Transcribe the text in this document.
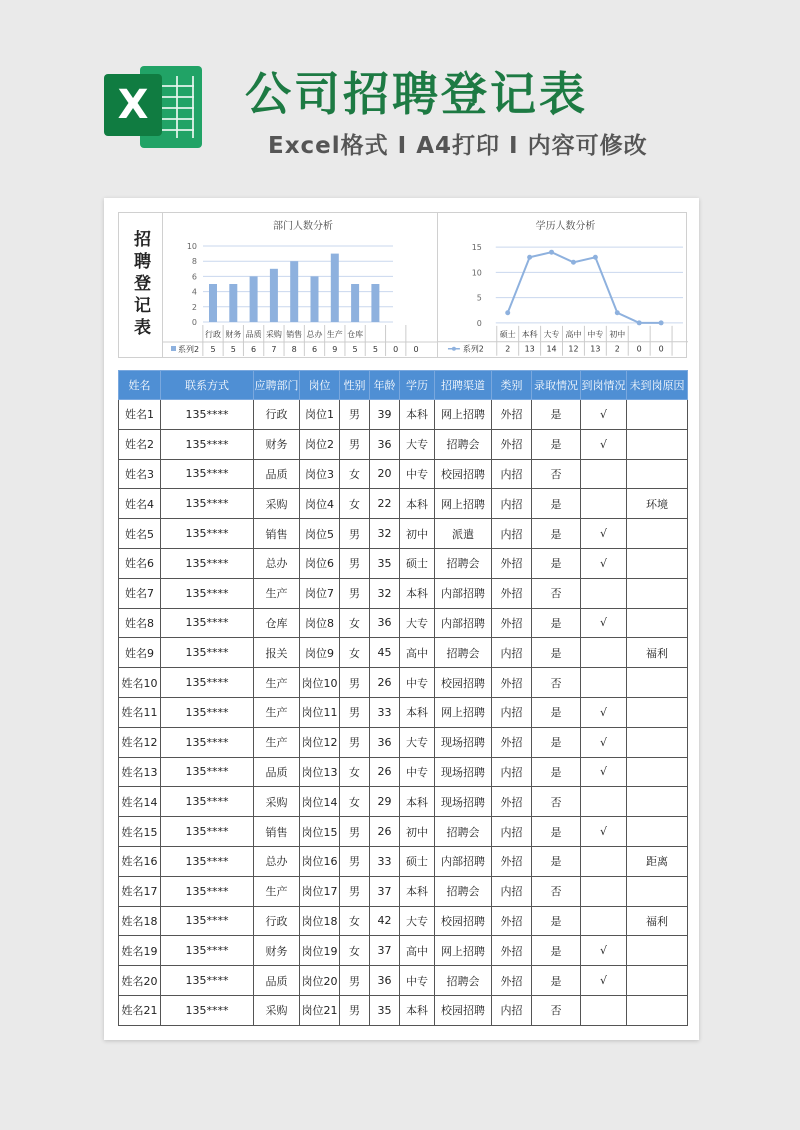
X 公司招聘登记表
Excel格式 I A4打印 I 内容可修改
招聘登记表
部门人数分析
0
2
4
6
8
10
行政 财务 品质 采购 销售 总办 生产 仓库
系列2 5 5 6 7 8 6 9 5 5 0 0
学历人数分析
0
5
10
15
硕士 本科 大专 高中 中专 初中
系列2	2 13 14 12 13 2 0 0
姓名	联系方式	应聘部门	岗位	性别	年龄	学历	招聘渠道	类别	录取情况	到岗情况	未到岗原因
姓名1	135****	行政	岗位1	男	39	本科	网上招聘	外招	是	√	
姓名2	135****	财务	岗位2	男	36	大专	招聘会	外招	是	√	
姓名3	135****	品质	岗位3	女	20	中专	校园招聘	内招	否		
姓名4	135****	采购	岗位4	女	22	本科	网上招聘	内招	是		环境
姓名5	135****	销售	岗位5	男	32	初中	派遣	内招	是	√	
姓名6	135****	总办	岗位6	男	35	硕士	招聘会	外招	是	√	
姓名7	135****	生产	岗位7	男	32	本科	内部招聘	外招	否		
姓名8	135****	仓库	岗位8	女	36	大专	内部招聘	外招	是	√	
姓名9	135****	报关	岗位9	女	45	高中	招聘会	内招	是		福利
姓名10	135****	生产	岗位10	男	26	中专	校园招聘	外招	否		
姓名11	135****	生产	岗位11	男	33	本科	网上招聘	内招	是	√	
姓名12	135****	生产	岗位12	男	36	大专	现场招聘	外招	是	√	
姓名13	135****	品质	岗位13	女	26	中专	现场招聘	内招	是	√	
姓名14	135****	采购	岗位14	女	29	本科	现场招聘	外招	否		
姓名15	135****	销售	岗位15	男	26	初中	招聘会	内招	是	√	
姓名16	135****	总办	岗位16	男	33	硕士	内部招聘	外招	是		距离
姓名17	135****	生产	岗位17	男	37	本科	招聘会	内招	否		
姓名18	135****	行政	岗位18	女	42	大专	校园招聘	外招	是		福利
姓名19	135****	财务	岗位19	女	37	高中	网上招聘	外招	是	√	
姓名20	135****	品质	岗位20	男	36	中专	招聘会	外招	是	√	
姓名21	135****	采购	岗位21	男	35	本科	校园招聘	内招	否		
